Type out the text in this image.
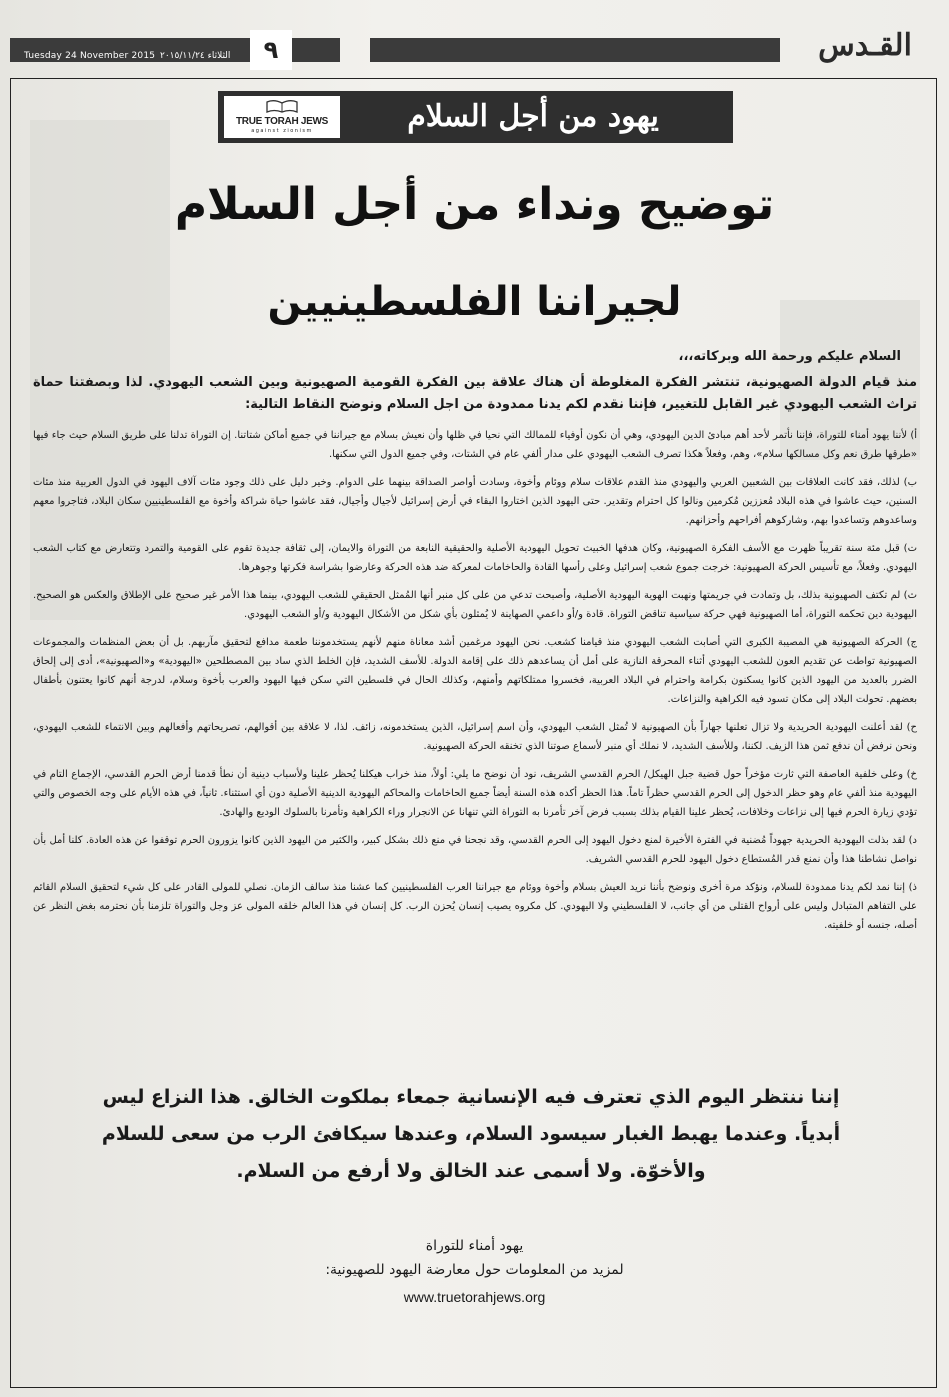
Tuesday 24 November 2015 الثلاثاء ٢٠١٥/١١/٢٤	٩	القـدس
TRUE TORAH JEWS
against zionism	يهود من أجل السلام
توضيح ونداء من أجل السلام
لجيراننا الفلسطينيين
السلام عليكم ورحمة الله وبركاته،،،
منذ قيام الدولة الصهيونية، تنتشر الفكرة المغلوطة أن هناك علاقة بين الفكرة القومية الصهيونية وبين الشعب اليهودي. لذا وبصفتنا حماة تراث الشعب اليهودي غير القابل للتغيير، فإننا نقدم لكم يدنا ممدودة من اجل السلام ونوضح النقاط التالية:
أ) لأننا يهود أمناء للتوراة، فإننا نأتمر لأحد أهم مبادئ الدين اليهودي، وهي أن نكون أوفياء للممالك التي نحيا في ظلها وأن نعيش بسلام مع جيراننا في جميع أماكن شتاتنا. إن التوراة تدلنا على طريق السلام حيث جاء فيها «طرقها طرق نعم وكل مسالكها سلام»، وهم، وفعلاً هكذا تصرف الشعب اليهودي على مدار ألفي عام في الشتات، وفي جميع الدول التي سكنها.
ب) لذلك، فقد كانت العلاقات بين الشعبين العربي واليهودي منذ القدم علاقات سلام ووئام وأخوة، وسادت أواصر الصداقة بينهما على الدوام. وخير دليل على ذلك وجود مئات آلاف اليهود في الدول العربية منذ مئات السنين، حيث عاشوا في هذه البلاد مُعززين مُكرمين ونالوا كل احترام وتقدير. حتى اليهود الذين اختاروا البقاء في أرض إسرائيل لأجيال وأجيال، فقد عاشوا حياة شراكة وأخوة مع الفلسطينيين سكان البلاد، فتاجروا معهم وساعدوهم وتساعدوا بهم، وشاركوهم أفراحهم وأحزانهم.
ت) قبل مئة سنة تقريباً ظهرت مع الأسف الفكرة الصهيونية، وكان هدفها الخبيث تحويل اليهودية الأصلية والحقيقية النابعة من التوراة والايمان، إلى ثقافة جديدة تقوم على القومية والتمرد وتتعارض مع كتاب الشعب اليهودي. وفعلاً، مع تأسيس الحركة الصهيونية: خرجت جموع شعب إسرائيل وعلى رأسها القادة والحاخامات لمعركة ضد هذه الحركة وعارضوا بشراسة فكرتها وجوهرها.
ث) لم تكتف الصهيونية بذلك، بل وتمادت في جريمتها ونهبت الهوية اليهودية الأصلية، وأصبحت تدعي من على كل منبر أنها المُمثل الحقيقي للشعب اليهودي، بينما هذا الأمر غير صحيح على الإطلاق والعكس هو الصحيح. اليهودية دين تحكمه التوراة، أما الصهيونية فهي حركة سياسية تناقض التوراة. قادة و/أو داعمي الصهاينة لا يُمثلون بأي شكل من الأشكال اليهودية و/أو الشعب اليهودي.
ج) الحركة الصهيونية هي المصيبة الكبرى التي أصابت الشعب اليهودي منذ قيامنا كشعب. نحن اليهود مرغمين أشد معاناة منهم لأنهم يستخدموننا طعمة مدافع لتحقيق مآربهم. بل أن بعض المنظمات والمجموعات الصهيونية تواطت عن تقديم العون للشعب اليهودي أثناء المحرقة النازية على أمل أن يساعدهم ذلك على إقامة الدولة. للأسف الشديد، فإن الخلط الذي ساد بين المصطلحين «اليهودية» و«الصهيونية»، أدى إلى إلحاق الضرر بالعديد من اليهود الذين كانوا يسكنون بكرامة واحترام في البلاد العربية، فخسروا ممتلكاتهم وأمنهم، وكذلك الحال في فلسطين التي سكن فيها اليهود والعرب بأخوة وسلام، لدرجة أنهم كانوا يعتنون بأطفال بعضهم. تحولت البلاد إلى مكان تسود فيه الكراهية والنزاعات.
ح) لقد أعلنت اليهودية الحريدية ولا تزال تعلنها جهاراً بأن الصهيونية لا تُمثل الشعب اليهودي، وأن اسم إسرائيل، الذين يستخدمونه، زائف. لذا، لا علاقة بين أقوالهم، تصريحاتهم وأفعالهم وبين الانتماء للشعب اليهودي، ونحن نرفض أن ندفع ثمن هذا الزيف. لكننا، وللأسف الشديد، لا نملك أي منبر لأسماع صوتنا الذي تخنقه الحركة الصهيونية.
خ) وعلى خلفية العاصفة التي ثارت مؤخراً حول قضية جبل الهيكل/ الحرم القدسي الشريف، نود أن نوضح ما يلي: أولاً، منذ خراب هيكلنا يُحظر علينا ولأسباب دينية أن نطأ قدمنا أرض الحرم القدسي، الإجماع التام في اليهودية منذ ألفي عام وهو حظر الدخول إلى الحرم القدسي حظراً تاماً. هذا الحظر أكده هذه السنة أيضاً جميع الحاخامات والمحاكم اليهودية الدينية الأصلية دون أي استثناء. ثانياً، في هذه الأيام على وجه الخصوص والتي تؤدي زيارة الحرم فيها إلى نزاعات وخلافات، يُحظر علينا القيام بذلك بسبب فرض آخر تأمرنا به التوراة التي تنهانا عن الانجرار وراء الكراهية وتأمرنا بالسلوك الوديع والهادئ.
د) لقد بذلت اليهودية الحريدية جهوداً مُضنية في الفترة الأخيرة لمنع دخول اليهود إلى الحرم القدسي، وقد نجحنا في منع ذلك بشكل كبير، والكثير من اليهود الذين كانوا يزورون الحرم توقفوا عن هذه العادة. كلنا أمل بأن نواصل نشاطنا هذا وأن نمنع قدر المُستطاع دخول اليهود للحرم القدسي الشريف.
ذ) إننا نمد لكم يدنا ممدودة للسلام، ونؤكد مرة أخرى ونوضح بأننا نريد العيش بسلام وأخوة ووئام مع جيراننا العرب الفلسطينيين كما عشنا منذ سالف الزمان. نصلي للمولى القادر على كل شيء لتحقيق السلام القائم على التفاهم المتبادل وليس على أرواح القتلى من أي جانب، لا الفلسطيني ولا اليهودي. كل مكروه يصيب إنسان يُحزن الرب. كل إنسان في هذا العالم خلقه المولى عز وجل والتوراة تلزمنا بأن نحترمه بغض النظر عن أصله، جنسه أو خلفيته.
إننا ننتظر اليوم الذي تعترف فيه الإنسانية جمعاء بملكوت الخالق. هذا النزاع ليس أبدياً. وعندما يهبط الغبار سيسود السلام، وعندها سيكافئ الرب من سعى للسلام والأخوّة. ولا أسمى عند الخالق ولا أرفع من السلام.
يهود أمناء للتوراة
لمزيد من المعلومات حول معارضة اليهود للصهيونية:
www.truetorahjews.org
